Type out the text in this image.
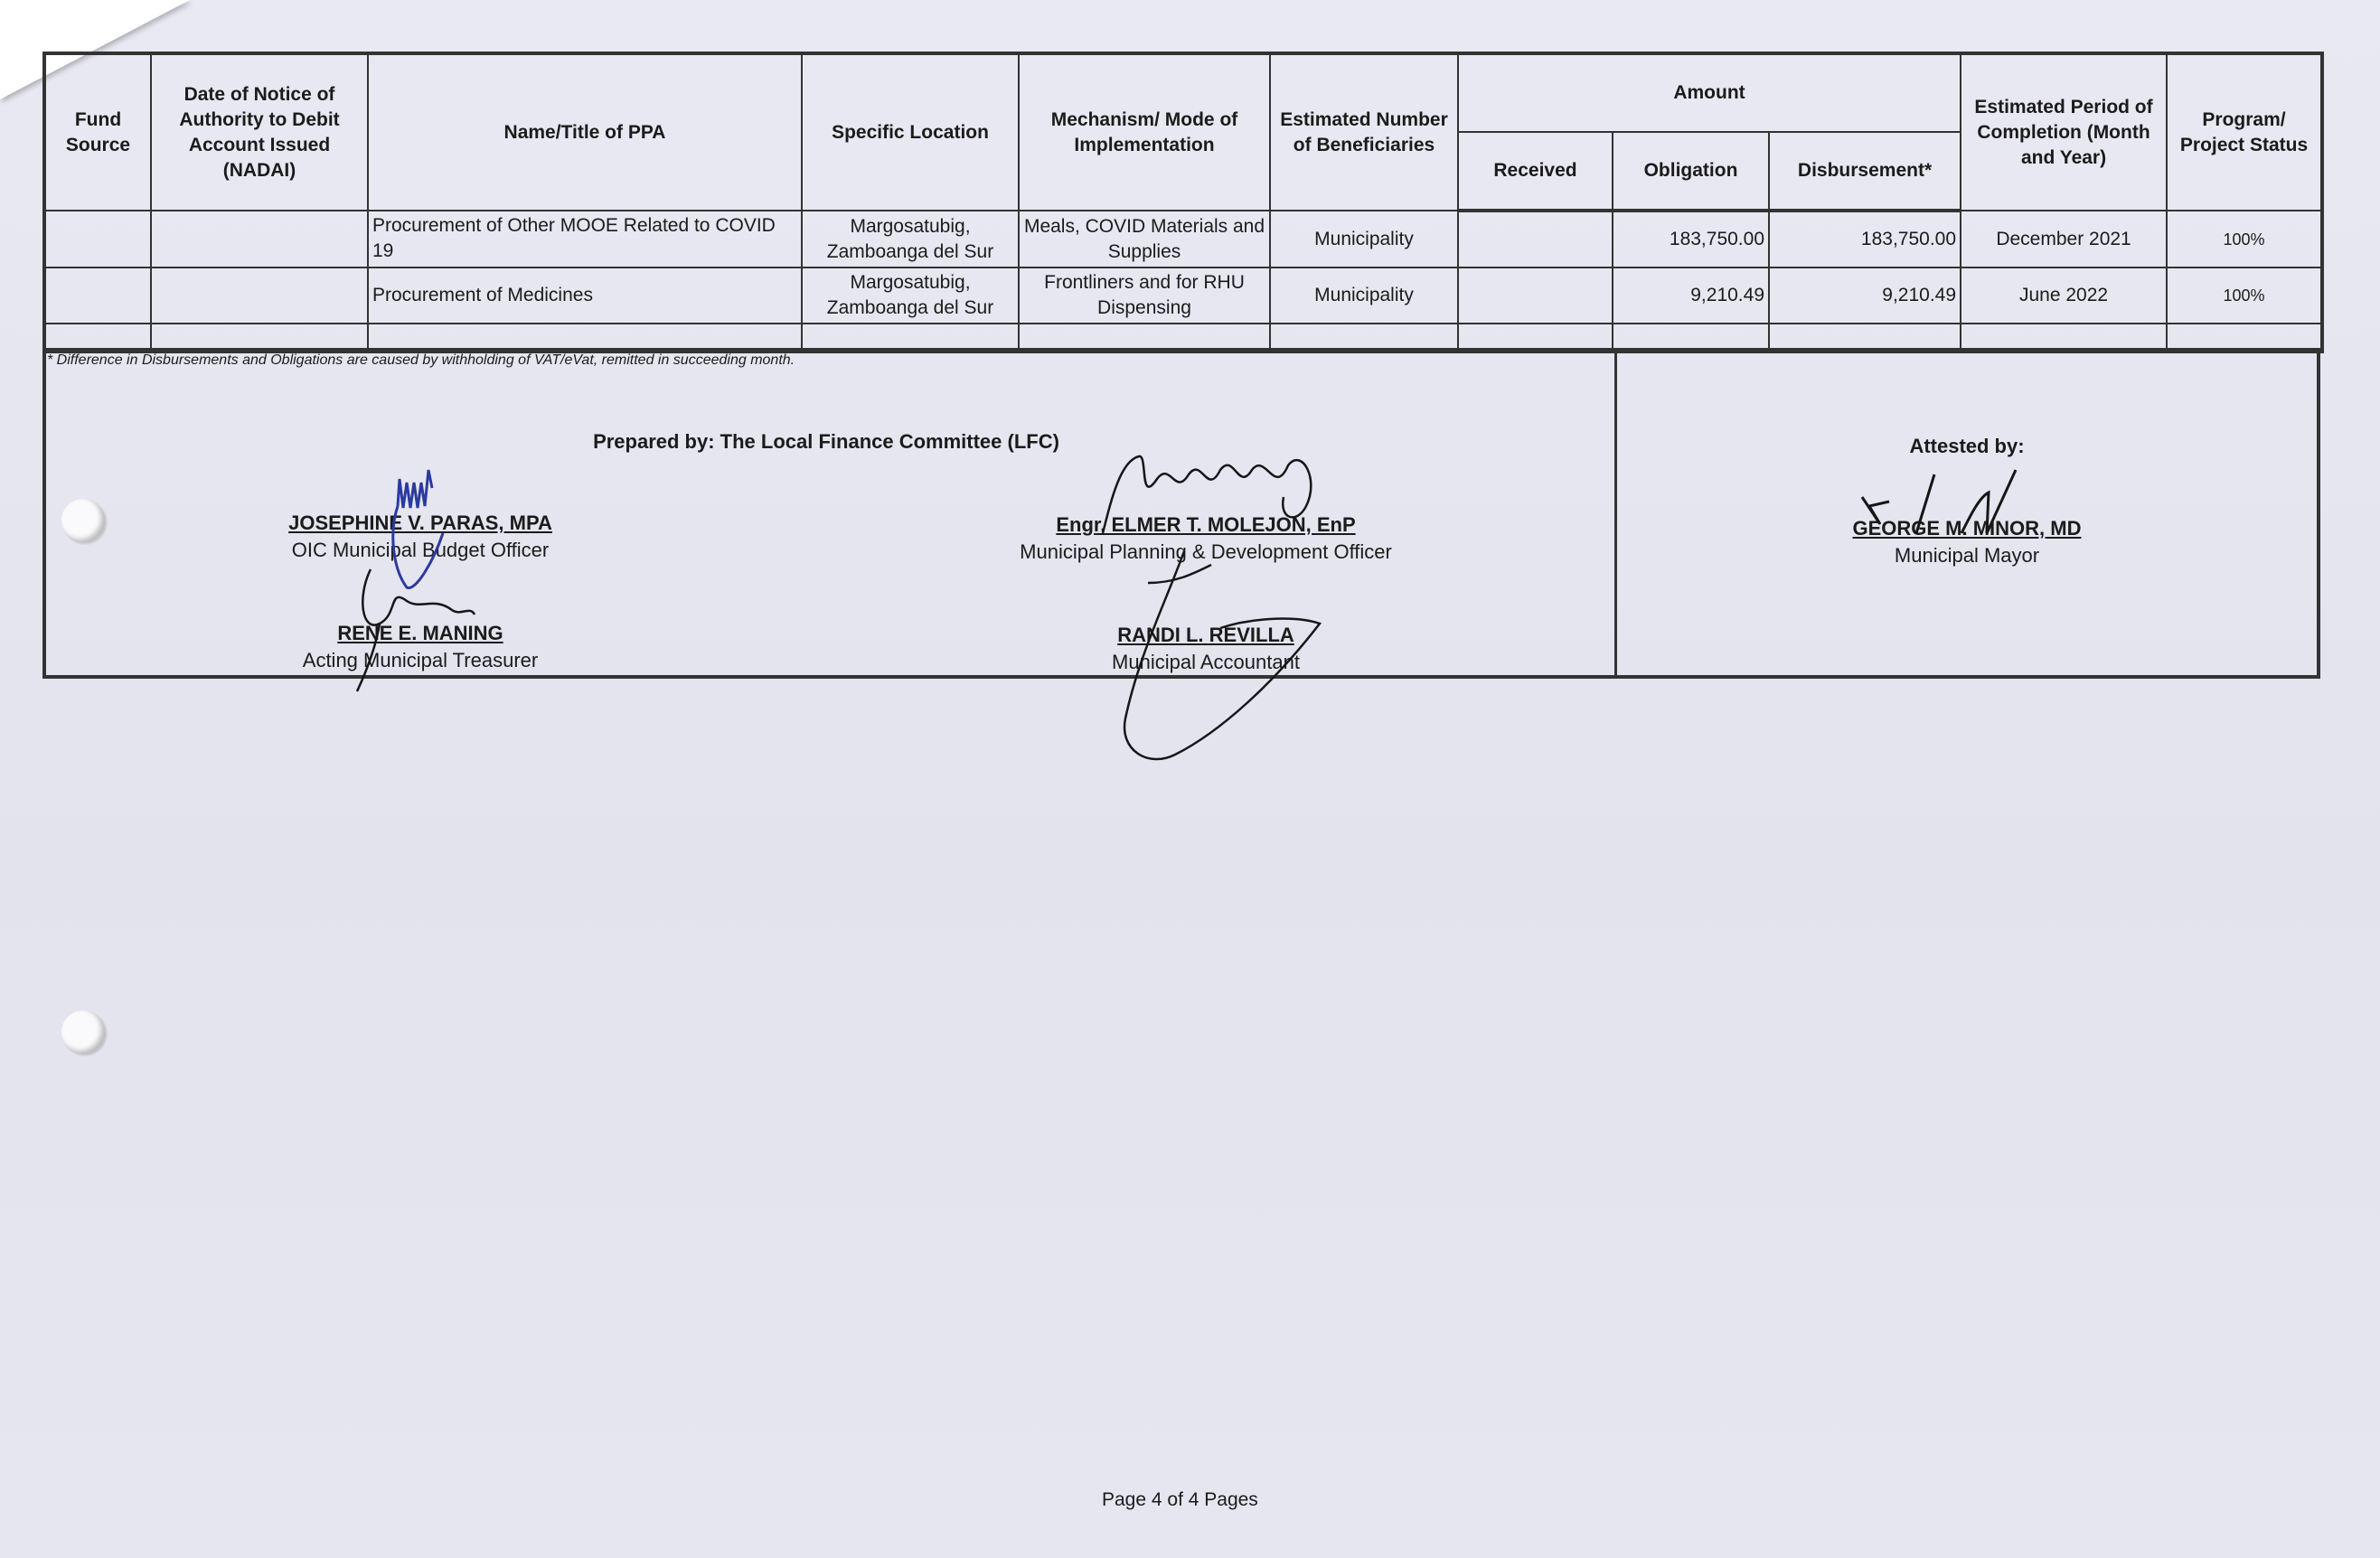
Fund Source	Date of Notice of Authority to Debit Account Issued (NADAI)	Name/Title of PPA	Specific Location	Mechanism/ Mode of Implementation	Estimated Number of Beneficiaries	Amount			Estimated Period of Completion (Month and Year)	Program/ Project Status
						Received	Obligation	Disbursement*		
		Procurement of Other MOOE Related to COVID 19	Margosatubig, Zamboanga del Sur	Meals, COVID Materials and Supplies	Municipality		183,750.00	183,750.00	December 2021	100%
		Procurement of Medicines	Margosatubig, Zamboanga del Sur	Frontliners and for RHU Dispensing	Municipality		9,210.49	9,210.49	June 2022	100%

* Difference in Disbursements and Obligations are caused by withholding of VAT/eVat, remitted in succeeding month.
Prepared by: The Local Finance Committee (LFC)	Attested by:
JOSEPHINE V. PARAS, MPA
OIC Municipal Budget Officer
Engr. ELMER T. MOLEJON, EnP
Municipal Planning & Development Officer
RENE E. MANING
Acting Municipal Treasurer
RANDI L. REVILLA
Municipal Accountant
GEORGE M. MINOR, MD
Municipal Mayor
Page 4 of 4 Pages
